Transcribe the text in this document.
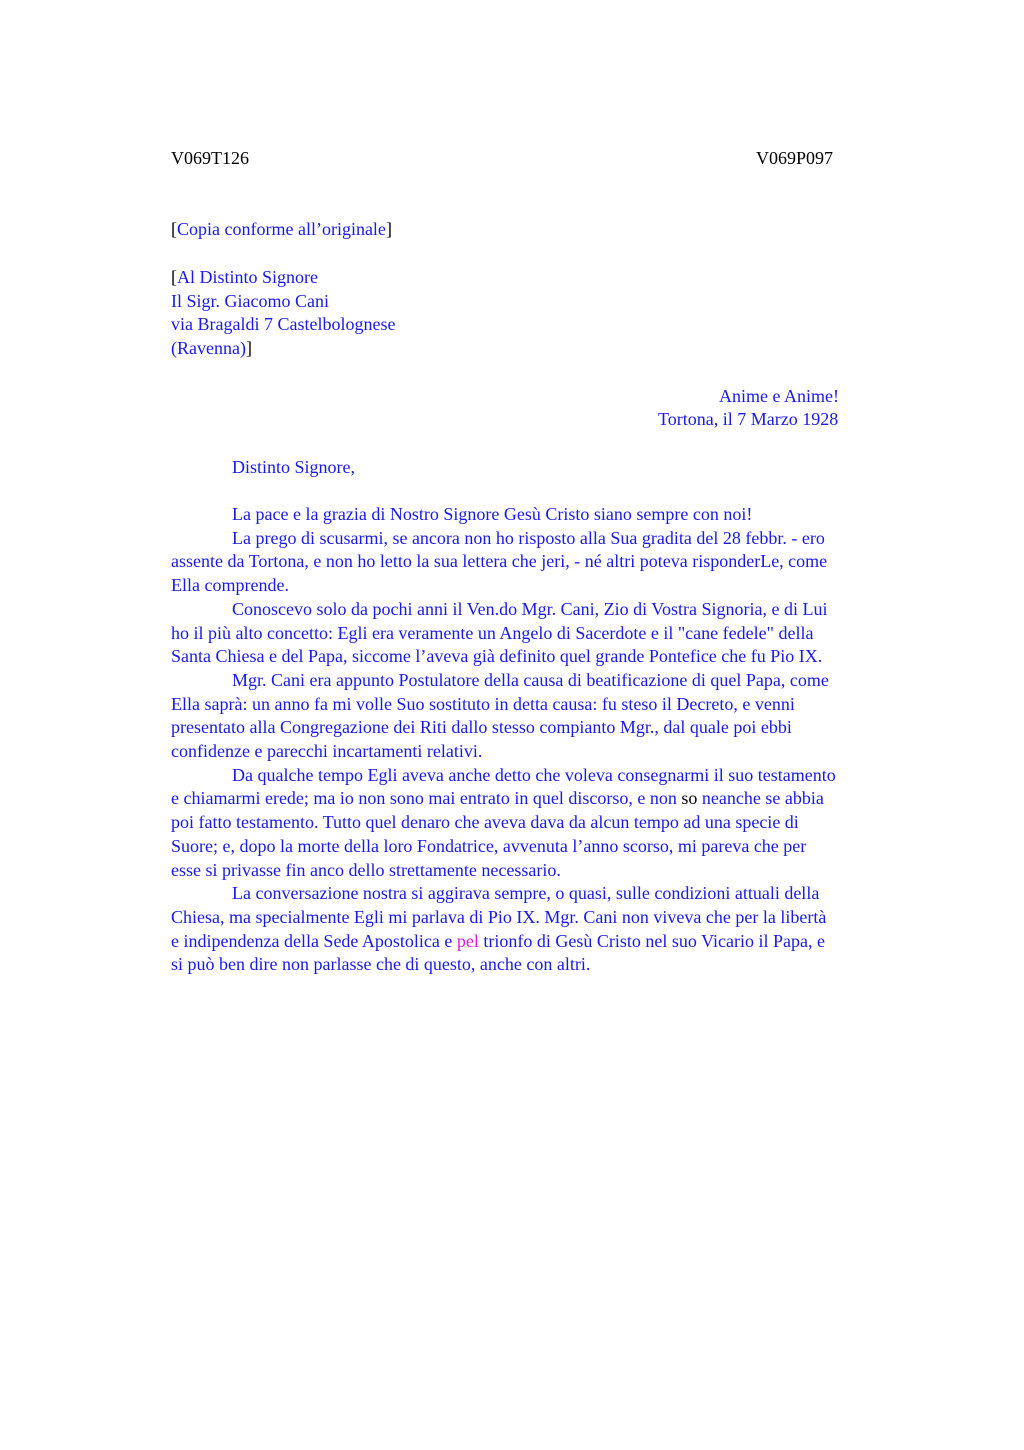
V069T126	V069P097
[Copia conforme all’originale]
[Al Distinto Signore
Il Sigr. Giacomo Cani
via Bragaldi 7 Castelbolognese
(Ravenna)]
Anime e Anime!
Tortona, il 7 Marzo 1928
Distinto Signore,
La pace e la grazia di Nostro Signore Gesù Cristo siano sempre con noi!
La prego di scusarmi, se ancora non ho risposto alla Sua gradita del 28 febbr. - ero
assente da Tortona, e non ho letto la sua lettera che jeri, - né altri poteva risponderLe, come
Ella comprende.
Conoscevo solo da pochi anni il Ven.do Mgr. Cani, Zio di Vostra Signoria, e di Lui
ho il più alto concetto: Egli era veramente un Angelo di Sacerdote e il "cane fedele" della
Santa Chiesa e del Papa, siccome l’aveva già definito quel grande Pontefice che fu Pio IX.
Mgr. Cani era appunto Postulatore della causa di beatificazione di quel Papa, come
Ella saprà: un anno fa mi volle Suo sostituto in detta causa: fu steso il Decreto, e venni
presentato alla Congregazione dei Riti dallo stesso compianto Mgr., dal quale poi ebbi
confidenze e parecchi incartamenti relativi.
Da qualche tempo Egli aveva anche detto che voleva consegnarmi il suo testamento
e chiamarmi erede; ma io non sono mai entrato in quel discorso, e non so neanche se abbia
poi fatto testamento. Tutto quel denaro che aveva dava da alcun tempo ad una specie di
Suore; e, dopo la morte della loro Fondatrice, avvenuta l’anno scorso, mi pareva che per
esse si privasse fin anco dello strettamente necessario.
La conversazione nostra si aggirava sempre, o quasi, sulle condizioni attuali della
Chiesa, ma specialmente Egli mi parlava di Pio IX. Mgr. Cani non viveva che per la libertà
e indipendenza della Sede Apostolica e pel trionfo di Gesù Cristo nel suo Vicario il Papa, e
si può ben dire non parlasse che di questo, anche con altri.
